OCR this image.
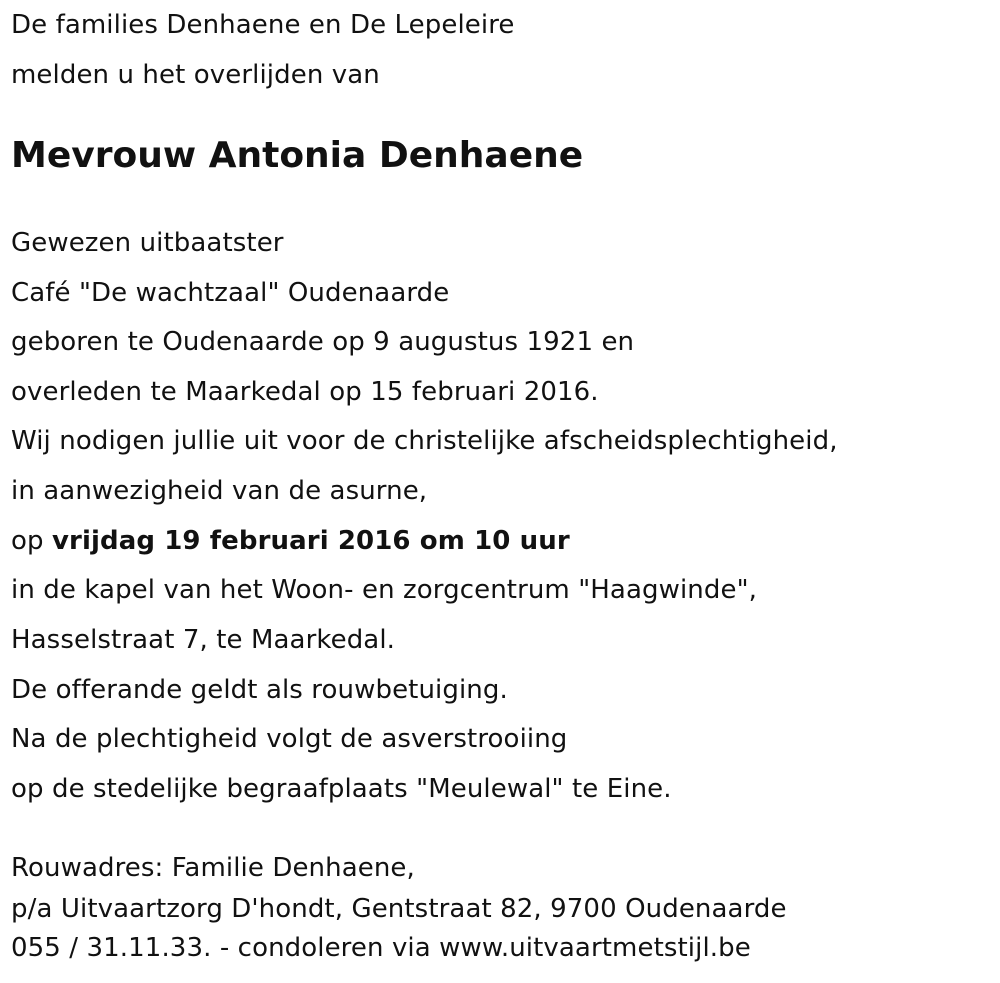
De families Denhaene en De Lepeleire
melden u het overlijden van
Mevrouw Antonia Denhaene
Gewezen uitbaatster
Café "De wachtzaal" Oudenaarde
geboren te Oudenaarde op 9 augustus 1921 en
overleden te Maarkedal op 15 februari 2016.
Wij nodigen jullie uit voor de christelijke afscheidsplechtigheid,
in aanwezigheid van de asurne,
op vrijdag 19 februari 2016 om 10 uur
in de kapel van het Woon- en zorgcentrum "Haagwinde",
Hasselstraat 7, te Maarkedal.
De offerande geldt als rouwbetuiging.
Na de plechtigheid volgt de asverstrooiing
op de stedelijke begraafplaats "Meulewal" te Eine.
Rouwadres: Familie Denhaene,
p/a Uitvaartzorg D'hondt, Gentstraat 82, 9700 Oudenaarde
055 / 31.11.33. - condoleren via www.uitvaartmetstijl.be
